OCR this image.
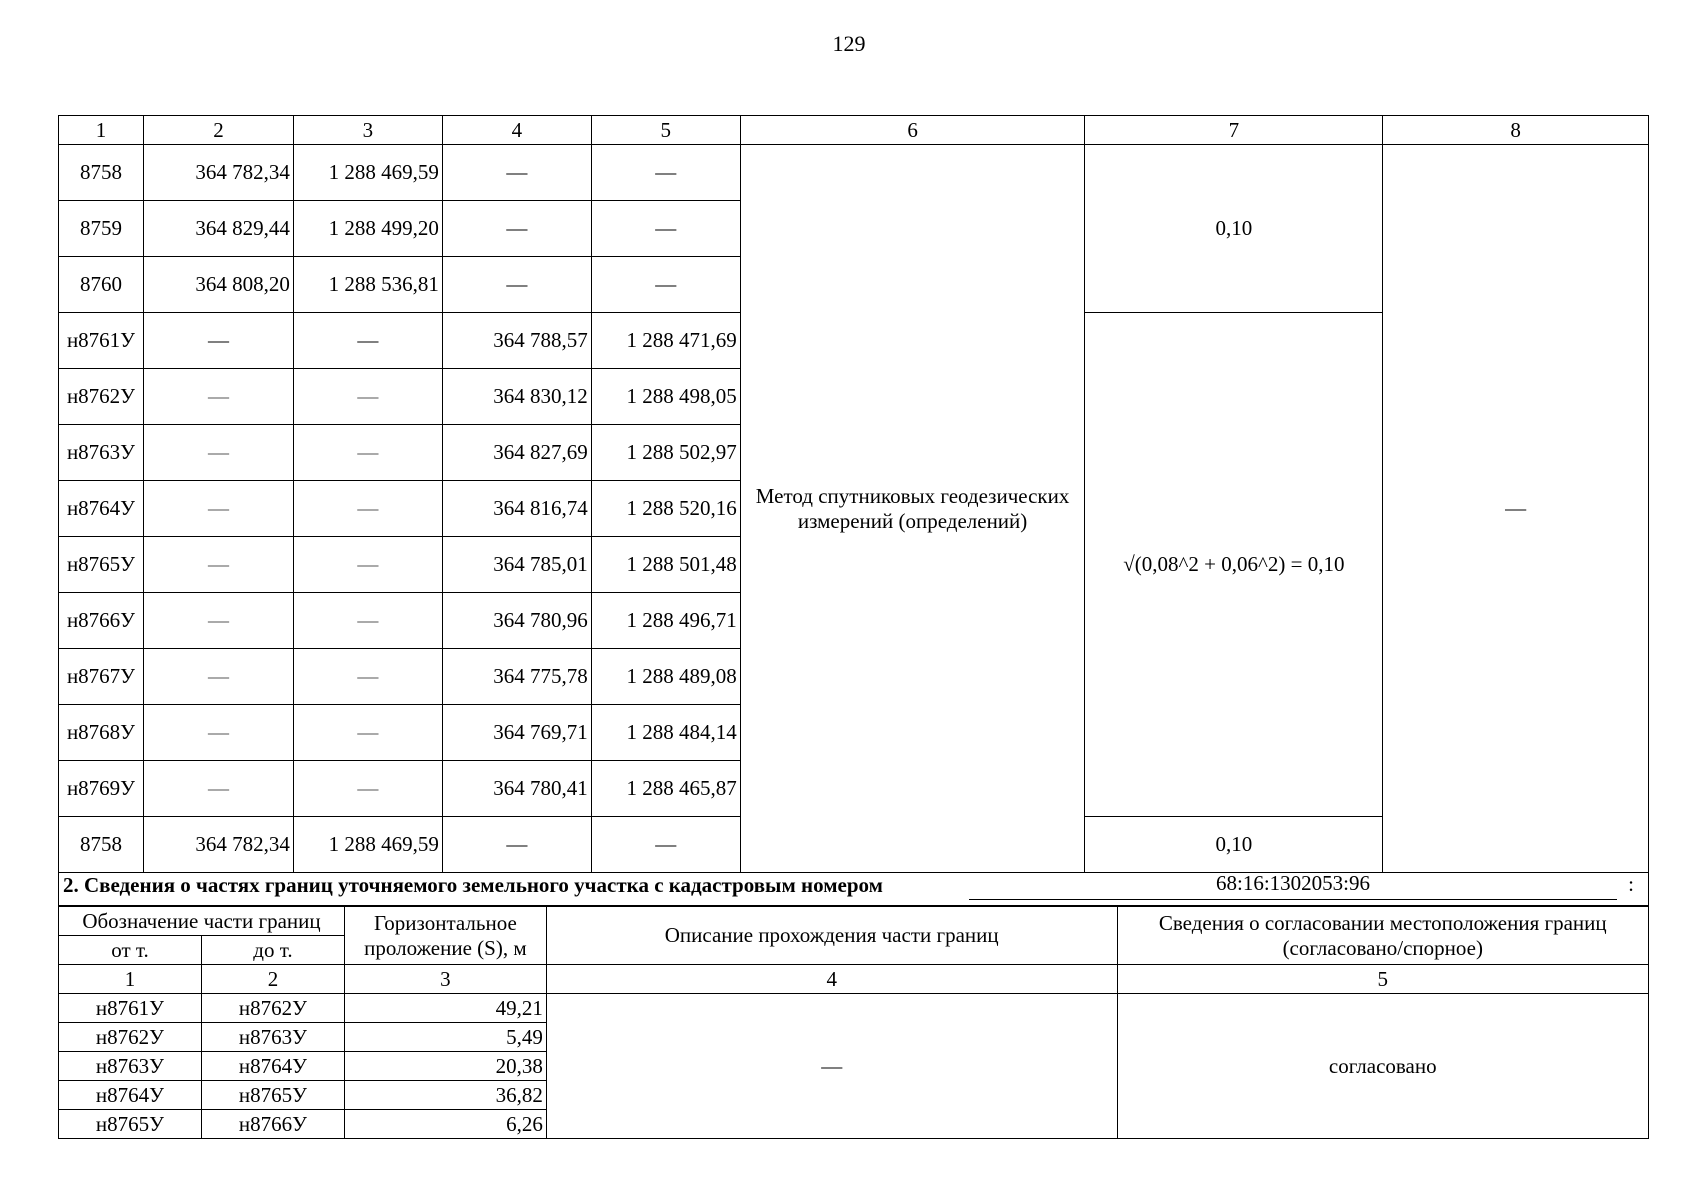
129
1	2	3	4	5	6	7	8
8758	364 782,34	1 288 469,59	—	—	Метод спутниковых геодезических измерений (определений)	0,10	—
8759	364 829,44	1 288 499,20	—	—			
8760	364 808,20	1 288 536,81	—	—			
н8761У	—	—	364 788,57	1 288 471,69		√(0,08^2 + 0,06^2) = 0,10	
н8762У	—	—	364 830,12	1 288 498,05			
н8763У	—	—	364 827,69	1 288 502,97			
н8764У	—	—	364 816,74	1 288 520,16			
н8765У	—	—	364 785,01	1 288 501,48			
н8766У	—	—	364 780,96	1 288 496,71			
н8767У	—	—	364 775,78	1 288 489,08			
н8768У	—	—	364 769,71	1 288 484,14			
н8769У	—	—	364 780,41	1 288 465,87			
8758	364 782,34	1 288 469,59	—	—		0,10	
2. Сведения о частях границ уточняемого земельного участка с кадастровым номером	68:16:1302053:96	:
Обозначение части границ		Горизонтальное проложение (S), м	Описание прохождения части границ	Сведения о согласовании местоположения границ (согласовано/спорное)
от т.	до т.			
1	2	3	4	5
н8761У	н8762У	49,21	—	согласовано
н8762У	н8763У	5,49		
н8763У	н8764У	20,38		
н8764У	н8765У	36,82		
н8765У	н8766У	6,26		
